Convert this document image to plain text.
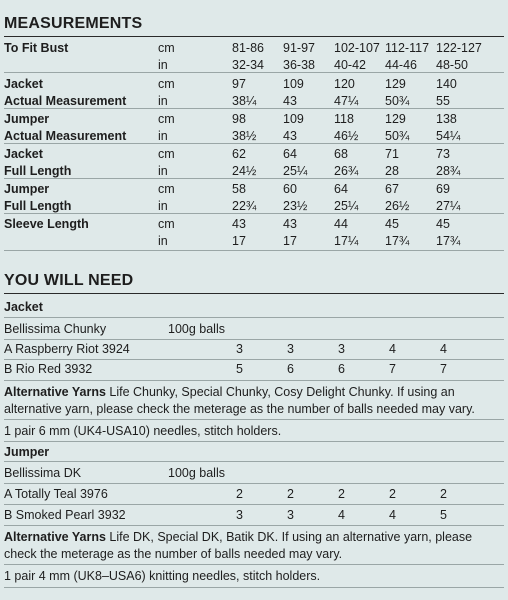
MEASUREMENTS
To Fit Bust	cm	81-86 91-97 102-107 112-117 122-127
in	32-34 36-38 40-42 44-46 48-50
Jacket	cm	97	109 120 129 140
Actual Measurement	in	38¼ 43	47¼ 50¾ 55
Jumper	cm	98	109 118 129 138
Actual Measurement	in	38½ 43	46½ 50¾ 54¼
Jacket	cm	62	64	68	71	73
Full Length	in	24½ 25¼ 26¾ 28	28¾
Jumper	cm	58	60	64	67	69
Full Length	in	22¾ 23½ 25¼ 26½ 27¼
Sleeve Length	cm	43	43	44	45	45
in	17	17	17¼ 17¾ 17¾
YOU WILL NEED
Jacket
Bellissima Chunky	100g balls
A Raspberry Riot 3924	3	3	3	4	4
B Rio Red 3932	5	6	6	7	7
Alternative Yarns Life Chunky, Special Chunky, Cosy Delight Chunky. If using an
alternative yarn, please check the meterage as the number of balls needed may vary.
1 pair 6 mm (UK4-USA10) needles, stitch holders.
Jumper
Bellissima DK	100g balls
A Totally Teal 3976	2	2	2	2	2
B Smoked Pearl 3932	3	3	4	4	5
Alternative Yarns Life DK, Special DK, Batik DK. If using an alternative yarn, please
check the meterage as the number of balls needed may vary.
1 pair 4 mm (UK8–USA6) knitting needles, stitch holders.
